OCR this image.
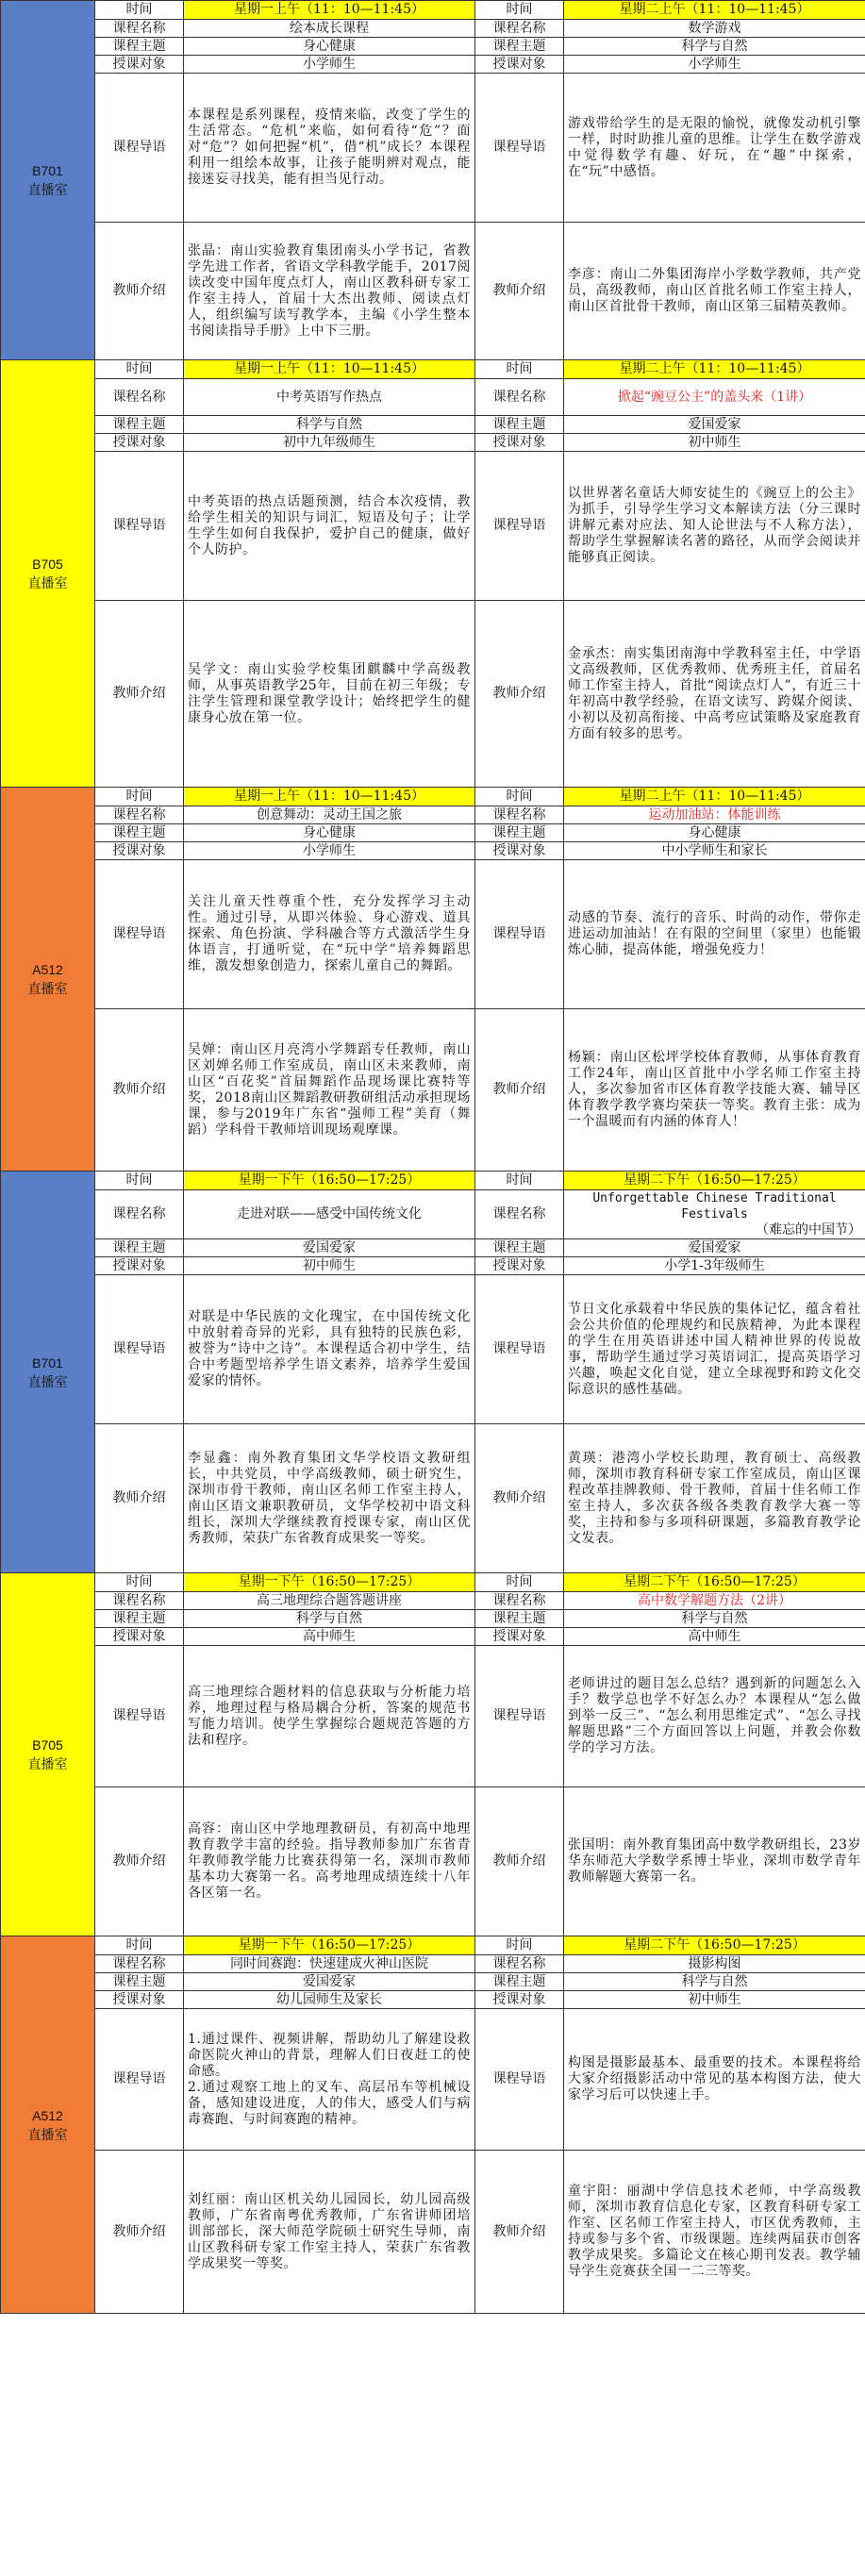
B701
直播室	时间	星期一上午（11：10—11:45）	时间	星期二上午（11：10—11:45）
	课程名称	绘本成长课程	课程名称	数学游戏
	课程主题	身心健康	课程主题	科学与自然
	授课对象	小学师生	授课对象	小学师生
	课程导语	本课程是系列课程，疫情来临，改变了学生的生活常态。“危机”来临，如何看待“危”？面对“危”？如何把握“机”，借“机”成长？本课程利用一组绘本故事，让孩子能明辨对观点，能接迷妄寻找美，能有担当见行动。	课程导语	游戏带给学生的是无限的愉悦，就像发动机引擎一样，时时助推儿童的思维。让学生在数学游戏中觉得数学有趣、好玩，在“趣”中探索，在“玩”中感悟。
	教师介绍	张晶：南山实验教育集团南头小学书记，省教学先进工作者，省语文学科教学能手，2017阅读改变中国年度点灯人，南山区教科研专家工作室主持人，首届十大杰出教师、阅读点灯人，组织编写读写教学本，主编《小学生整本书阅读指导手册》上中下三册。	教师介绍	李彦：南山二外集团海岸小学数学教师，共产党员，高级教师，南山区首批名师工作室主持人，南山区首批骨干教师，南山区第三届精英教师。

B705
直播室	时间	星期一上午（11：10—11:45）	时间	星期二上午（11：10—11:45）
	课程名称	中考英语写作热点	课程名称	掀起“豌豆公主”的盖头来（1讲）
	课程主题	科学与自然	课程主题	爱国爱家
	授课对象	初中九年级师生	授课对象	初中师生
	课程导语	中考英语的热点话题预测，结合本次疫情，教给学生相关的知识与词汇，短语及句子；让学生学生如何自我保护，爱护自己的健康，做好个人防护。	课程导语	以世界著名童话大师安徒生的《豌豆上的公主》为抓手，引导学生学习文本解读方法（分三课时讲解元素对应法、知人论世法与不人称方法），帮助学生掌握解读名著的路径，从而学会阅读并能够真正阅读。
	教师介绍	吴学文：南山实验学校集团麒麟中学高级教师，从事英语教学25年，目前在初三年级；专注学生管理和课堂教学设计；始终把学生的健康身心放在第一位。	教师介绍	金承杰：南实集团南海中学教科室主任，中学语文高级教师，区优秀教师、优秀班主任，首届名师工作室主持人，首批“阅读点灯人”，有近三十年初高中教学经验，在语文读写、跨媒介阅读、小初以及初高衔接、中高考应试策略及家庭教育方面有较多的思考。

A512
直播室	时间	星期一上午（11：10—11:45）	时间	星期二上午（11：10—11:45）
	课程名称	创意舞动：灵动王国之旅	课程名称	运动加油站：体能训练
	课程主题	身心健康	课程主题	身心健康
	授课对象	小学师生	授课对象	中小学师生和家长
	课程导语	关注儿童天性尊重个性，充分发挥学习主动性。通过引导，从即兴体验、身心游戏、道具探索、角色扮演、学科融合等方式激活学生身体语言，打通听觉，在“玩中学”培养舞蹈思维，激发想象创造力，探索儿童自己的舞蹈。	课程导语	动感的节奏、流行的音乐、时尚的动作，带你走进运动加油站！在有限的空间里（家里）也能锻炼心肺，提高体能，增强免疫力！
	教师介绍	吴婵：南山区月亮湾小学舞蹈专任教师，南山区刘婵名师工作室成员，南山区未来教师，南山区“百花奖”首届舞蹈作品现场课比赛特等奖，2018南山区舞蹈教研教研组活动承担现场课，参与2019年广东省“强师工程”美育（舞蹈）学科骨干教师培训现场观摩课。	教师介绍	杨颖：南山区松坪学校体育教师，从事体育教育工作24年，南山区首批中小学名师工作室主持人，多次参加省市区体育教学技能大赛、辅导区体育教学教学赛均荣获一等奖。教育主张：成为一个温暖而有内涵的体育人！

B701
直播室	时间	星期一下午（16:50—17:25）	时间	星期二下午（16:50—17:25）
	课程名称	走进对联——感受中国传统文化	课程名称	Unforgettable Chinese Traditional Festivals
（难忘的中国节）

	课程主题	爱国爱家	课程主题	爱国爱家
	授课对象	初中师生	授课对象	小学1-3年级师生
	课程导语	对联是中华民族的文化瑰宝，在中国传统文化中放射着奇异的光彩，具有独特的民族色彩，被誉为“诗中之诗”。本课程适合初中学生，结合中考题型培养学生语文素养，培养学生爱国爱家的情怀。	课程导语	节日文化承载着中华民族的集体记忆，蕴含着社会公共价值的伦理规约和民族精神，为此本课程的学生在用英语讲述中国人精神世界的传说故事，帮助学生通过学习英语词汇，提高英语学习兴趣，唤起文化自觉，建立全球视野和跨文化交际意识的感性基础。
	教师介绍	李显鑫：南外教育集团文华学校语文教研组长，中共党员，中学高级教师，硕士研究生，深圳市骨干教师，南山区名师工作室主持人，南山区语文兼职教研员，文华学校初中语文科组长，深圳大学继续教育授课专家，南山区优秀教师，荣获广东省教育成果奖一等奖。	教师介绍	黄瑛：港湾小学校长助理，教育硕士、高级教师，深圳市教育科研专家工作室成员，南山区课程改革挂牌教师、骨干教师，首届十佳名师工作室主持人，多次获各级各类教育教学大赛一等奖，主持和参与多项科研课题，多篇教育教学论文发表。

B705
直播室	时间	星期一下午（16:50—17:25）	时间	星期二下午（16:50—17:25）
	课程名称	高三地理综合题答题讲座	课程名称	高中数学解题方法（2讲）
	课程主题	科学与自然	课程主题	科学与自然
	授课对象	高中师生	授课对象	高中师生
	课程导语	高三地理综合题材料的信息获取与分析能力培养，地理过程与格局耦合分析，答案的规范书写能力培训。使学生掌握综合题规范答题的方法和程序。	课程导语	老师讲过的题目怎么总结？遇到新的问题怎么入手？数学总也学不好怎么办？本课程从“怎么做到举一反三”、“怎么利用思维定式”、“怎么寻找解题思路”三个方面回答以上问题，并教会你数学的学习方法。
	教师介绍	高容：南山区中学地理教研员，有初高中地理教育教学丰富的经验。指导教师参加广东省青年教师教学能力比赛获得第一名，深圳市教师基本功大赛第一名。高考地理成绩连续十八年各区第一名。	教师介绍	张国明：南外教育集团高中数学教研组长，23岁华东师范大学数学系博士毕业，深圳市数学青年教师解题大赛第一名。

A512
直播室	时间	星期一下午（16:50—17:25）	时间	星期二下午（16:50—17:25）
	课程名称	同时间赛跑：快速建成火神山医院	课程名称	摄影构图
	课程主题	爱国爱家	课程主题	科学与自然
	授课对象	幼儿园师生及家长	授课对象	初中师生
	课程导语	1.通过课件、视频讲解，帮助幼儿了解建设救命医院火神山的背景，理解人们日夜赶工的使命感。
2.通过观察工地上的叉车、高层吊车等机械设备，感知建设进度，人的伟大，感受人们与病毒赛跑、与时间赛跑的精神。	课程导语	构图是摄影最基本、最重要的技术。本课程将给大家介绍摄影活动中常见的基本构图方法，使大家学习后可以快速上手。
	教师介绍	刘红丽：南山区机关幼儿园园长，幼儿园高级教师，广东省南粤优秀教师，广东省讲师团培训部部长，深大师范学院硕士研究生导师，南山区教科研专家工作室主持人，荣获广东省教学成果奖一等奖。	教师介绍	童宇阳：丽湖中学信息技术老师，中学高级教师，深圳市教育信息化专家，区教育科研专家工作室、区名师工作室主持人，市区优秀教师，主持或参与多个省、市级课题。连续两届获市创客教学成果奖。多篇论文在核心期刊发表。教学辅导学生竞赛获全国一二三等奖。
